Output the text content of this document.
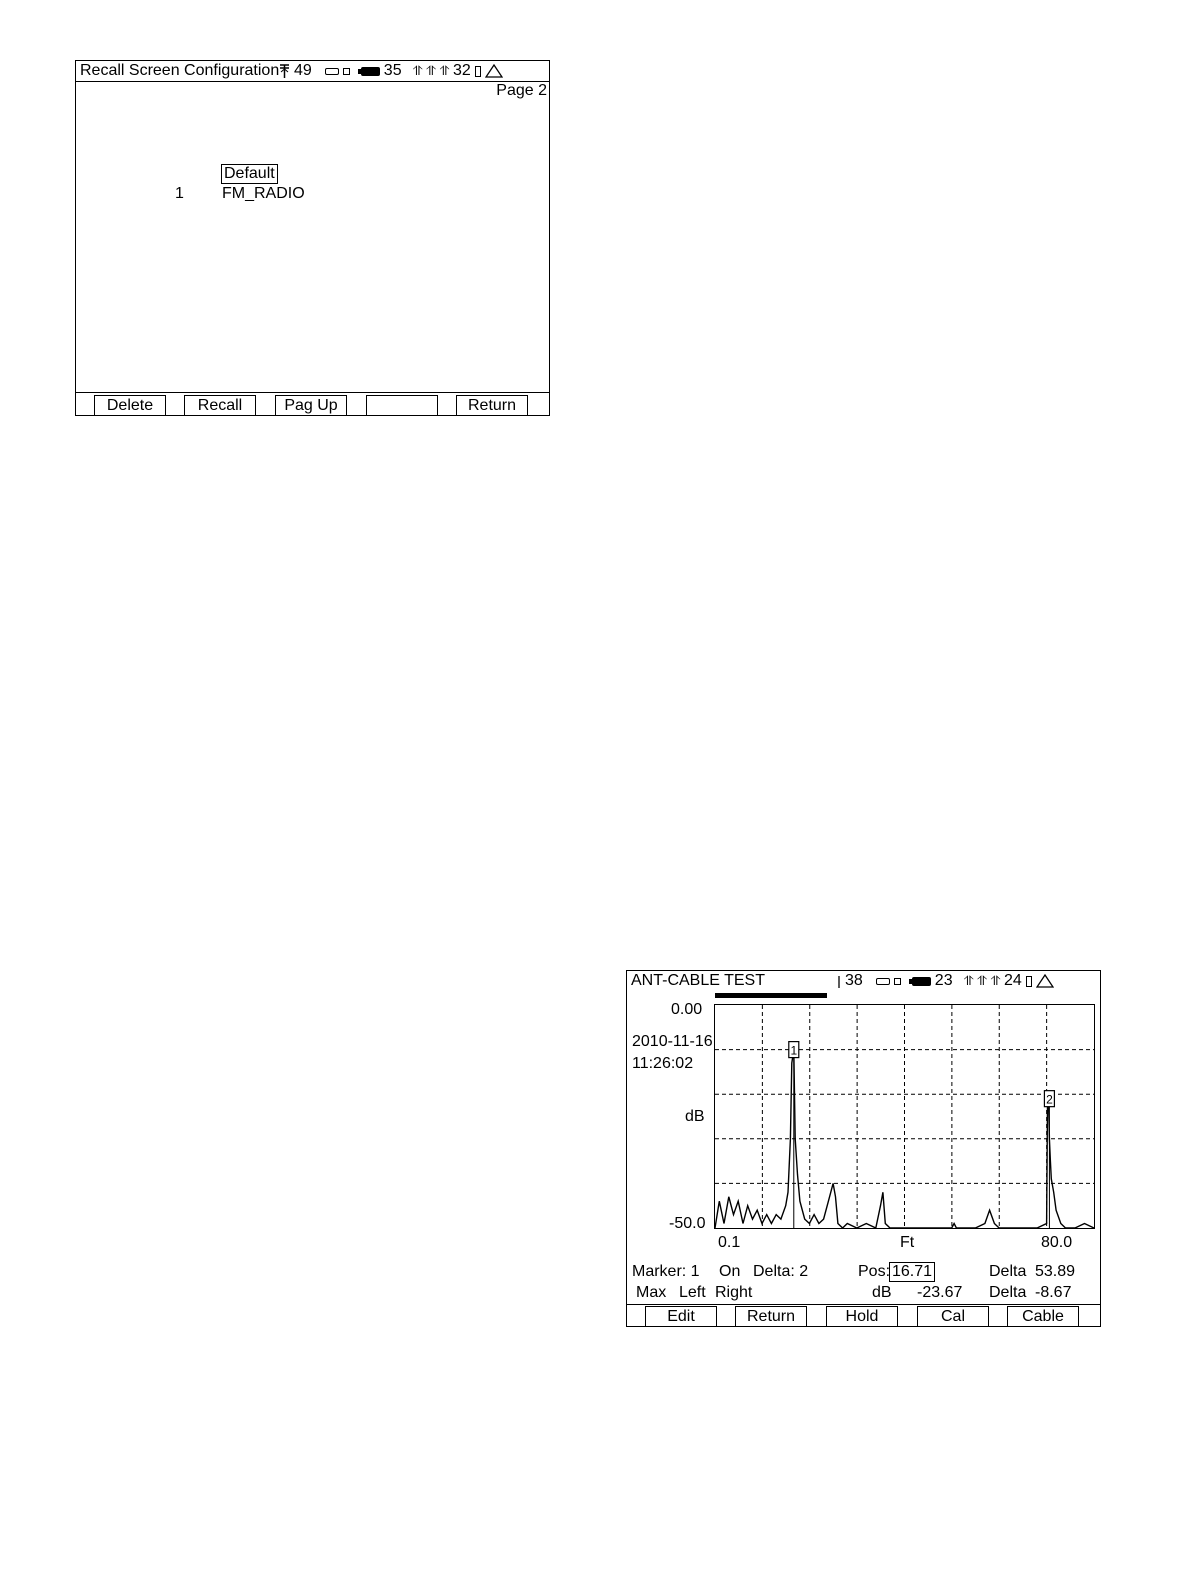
Recall Screen Configuration 49	35 ⥣ ⥣ ⥣ 32
Page 2
Default
1 FM_RADIO
Delete	Recall	Pag Up	Return
ANT-CABLE TEST	38	23 ⥣ ⥣ ⥣ 24
0.00
2010-11-16
11:26:02
dB
-50.0
1
2
0.1	Ft	80.0
Marker: 1 On Delta: 2	Pos: 16.71	Delta 53.89
Max Left Right	dB -23.67 Delta -8.67
Edit	Return	Hold	Cal	Cable
